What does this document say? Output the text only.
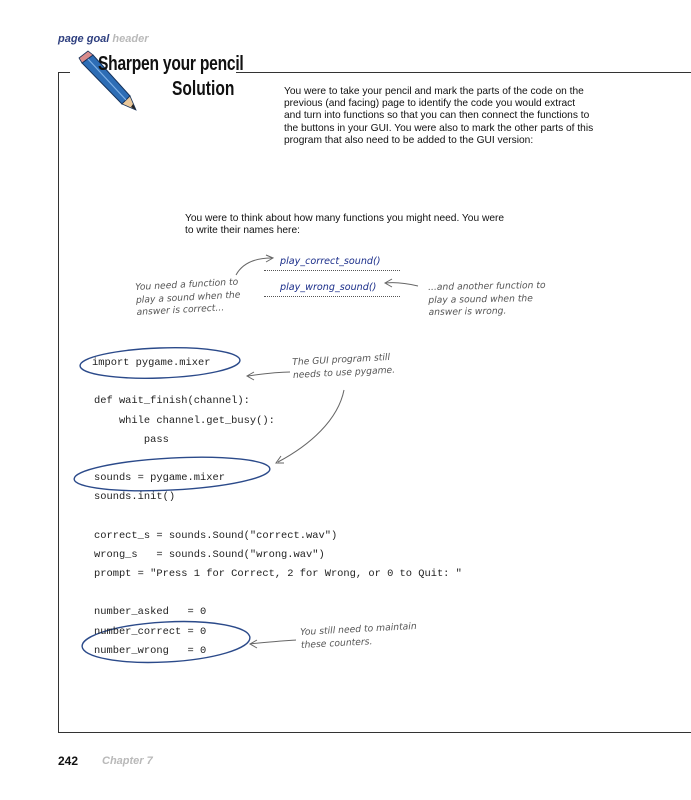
page goal header
Sharpen your pencil
Solution	You were to take your pencil and mark the parts of the code on the previous (and facing) page to identify the code you would extract and turn into functions so that you can then connect the functions to the buttons in your GUI. You were also to mark the other parts of this program that also need to be added to the GUI version:
You were to think about how many functions you might need. You were to write their names here:
play_correct_sound()
play_wrong_sound()
You need a function to play a sound when the answer is correct...
...and another function to play a sound when the answer is wrong.
The GUI program still needs to use pygame.
You still need to maintain these counters.
import pygame.mixer
def wait_finish(channel):
while channel.get_busy():
pass
sounds = pygame.mixer
sounds.init()
correct_s = sounds.Sound("correct.wav")
wrong_s   = sounds.Sound("wrong.wav")
prompt = "Press 1 for Correct, 2 for Wrong, or 0 to Quit: "
number_asked   = 0
number_correct = 0
number_wrong   = 0
242 Chapter 7
